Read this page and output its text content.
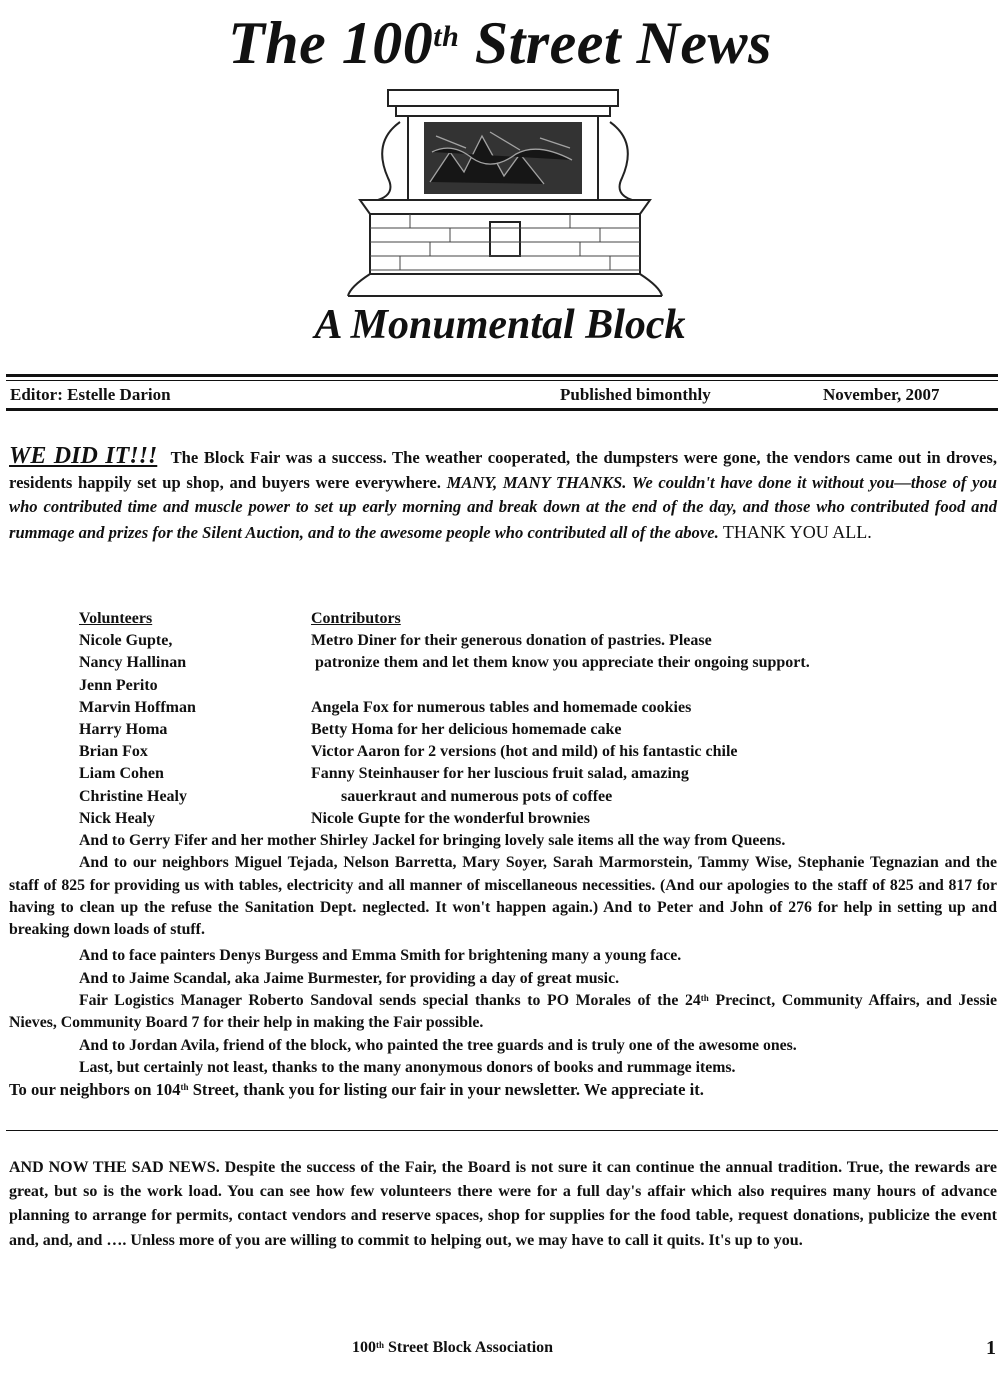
The 100th Street News
A Monumental Block
Editor: Estelle Darion	Published bimonthly	November, 2007

WE DID IT!!! The Block Fair was a success. The weather cooperated, the dumpsters were gone, the vendors came out in droves, residents happily set up shop, and buyers were everywhere. MANY, MANY THANKS. We couldn't have done it without you—those of you who contributed time and muscle power to set up early morning and break down at the end of the day, and those who contributed food and rummage and prizes for the Silent Auction, and to the awesome people who contributed all of the above. THANK YOU ALL.

Volunteers	Contributors
Nicole Gupte,	Metro Diner for their generous donation of pastries. Please
Nancy Hallinan	patronize them and let them know you appreciate their ongoing support.
Jenn Perito
Marvin Hoffman	Angela Fox for numerous tables and homemade cookies
Harry Homa	Betty Homa for her delicious homemade cake
Brian Fox	Victor Aaron for 2 versions (hot and mild) of his fantastic chile
Liam Cohen	Fanny Steinhauser for her luscious fruit salad, amazing
Christine Healy	sauerkraut and numerous pots of coffee
Nick Healy	Nicole Gupte for the wonderful brownies
And to Gerry Fifer and her mother Shirley Jackel for bringing lovely sale items all the way from Queens.
And to our neighbors Miguel Tejada, Nelson Barretta, Mary Soyer, Sarah Marmorstein, Tammy Wise, Stephanie Tegnazian and the staff of 825 for providing us with tables, electricity and all manner of miscellaneous necessities. (And our apologies to the staff of 825 and 817 for having to clean up the refuse the Sanitation Dept. neglected. It won't happen again.) And to Peter and John of 276 for help in setting up and breaking down loads of stuff.
And to face painters Denys Burgess and Emma Smith for brightening many a young face.
And to Jaime Scandal, aka Jaime Burmester, for providing a day of great music.
Fair Logistics Manager Roberto Sandoval sends special thanks to PO Morales of the 24th Precinct, Community Affairs, and Jessie Nieves, Community Board 7 for their help in making the Fair possible.
And to Jordan Avila, friend of the block, who painted the tree guards and is truly one of the awesome ones.
Last, but certainly not least, thanks to the many anonymous donors of books and rummage items.
To our neighbors on 104th Street, thank you for listing our fair in your newsletter. We appreciate it.

AND NOW THE SAD NEWS. Despite the success of the Fair, the Board is not sure it can continue the annual tradition. True, the rewards are great, but so is the work load. You can see how few volunteers there were for a full day's affair which also requires many hours of advance planning to arrange for permits, contact vendors and reserve spaces, shop for supplies for the food table, request donations, publicize the event and, and, and …. Unless more of you are willing to commit to helping out, we may have to call it quits. It's up to you.

100th Street Block Association	1
